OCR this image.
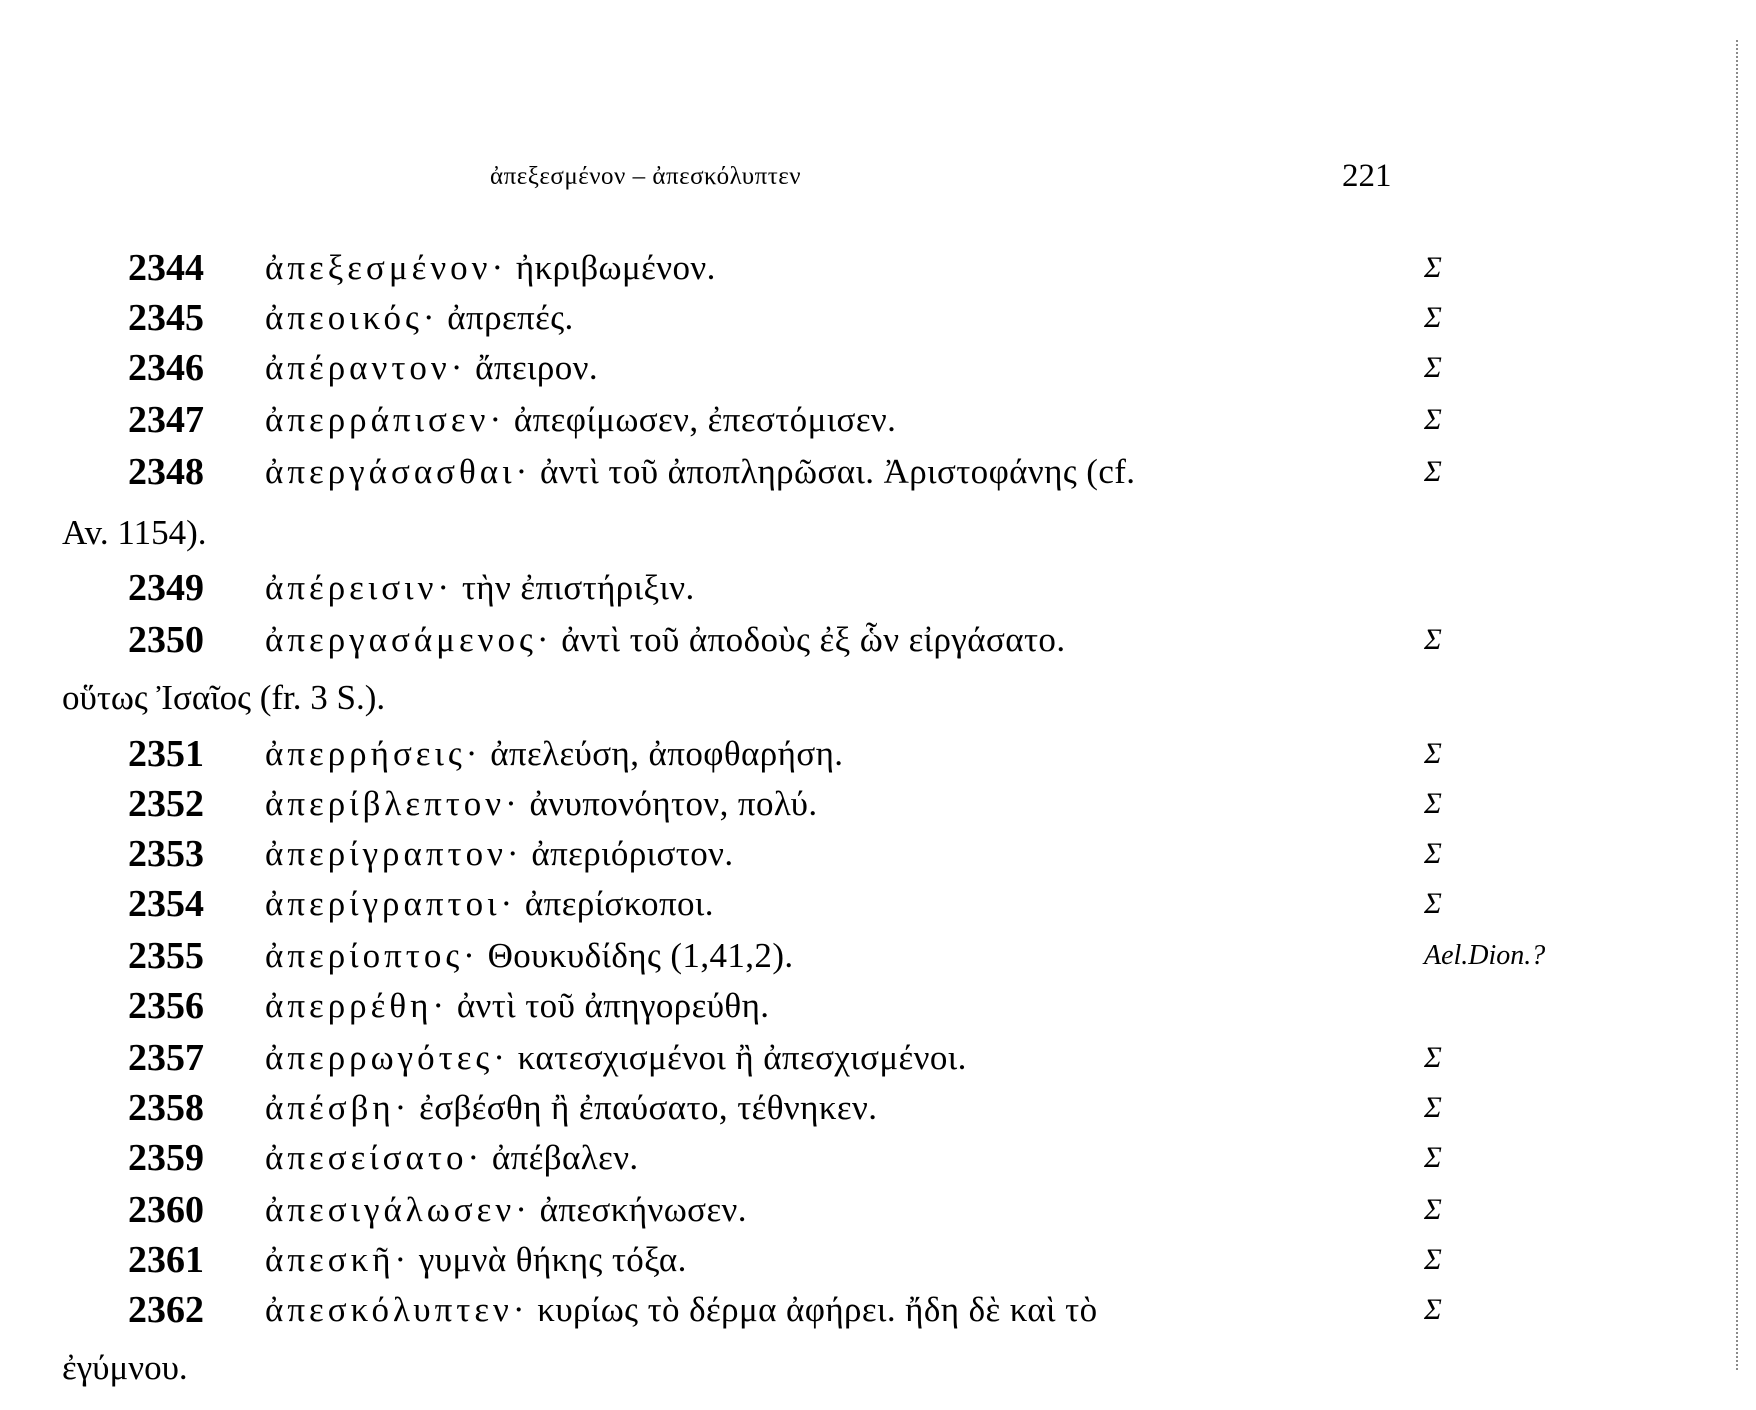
ἀπεξεσμένον – ἀπεσκόλυπτεν	221
2344 ἀπεξεσμένον· ἠκριβωμένον.	Σ
2345 ἀπεοικός· ἀπρεπές.	Σ
2346 ἀπέραντον· ἄπειρον.	Σ
2347 ἀπερράπισεν· ἀπεφίμωσεν, ἐπεστόμισεν.	Σ
2348 ἀπεργάσασθαι· ἀντὶ τοῦ ἀποπληρῶσαι. Ἀριστοφάνης (cf.	Σ
Av. 1154).
2349 ἀπέρεισιν· τὴν ἐπιστήριξιν.
2350 ἀπεργασάμενος· ἀντὶ τοῦ ἀποδοὺς ἐξ ὧν εἰργάσατο.	Σ
οὕτως Ἰσαῖος (fr. 3 S.).
2351 ἀπερρήσεις· ἀπελεύση, ἀποφθαρήση.	Σ
2352 ἀπερίβλεπτον· ἀνυπονόητον, πολύ.	Σ
2353 ἀπερίγραπτον· ἀπεριόριστον.	Σ
2354 ἀπερίγραπτοι· ἀπερίσκοποι.	Σ
2355 ἀπερίοπτος· Θουκυδίδης (1,41,2).	Ael.Dion.?
2356 ἀπερρέθη· ἀντὶ τοῦ ἀπηγορεύθη.
2357 ἀπερρωγότες· κατεσχισμένοι ἢ ἀπεσχισμένοι.	Σ
2358 ἀπέσβη· ἐσβέσθη ἢ ἐπαύσατο, τέθνηκεν.	Σ
2359 ἀπεσείσατο· ἀπέβαλεν.	Σ
2360 ἀπεσιγάλωσεν· ἀπεσκήνωσεν.	Σ
2361 ἀπεσκῆ· γυμνὰ θήκης τόξα.	Σ
2362 ἀπεσκόλυπτεν· κυρίως τὸ δέρμα ἀφήρει. ἤδη δὲ καὶ τὸ	Σ
ἐγύμνου.
